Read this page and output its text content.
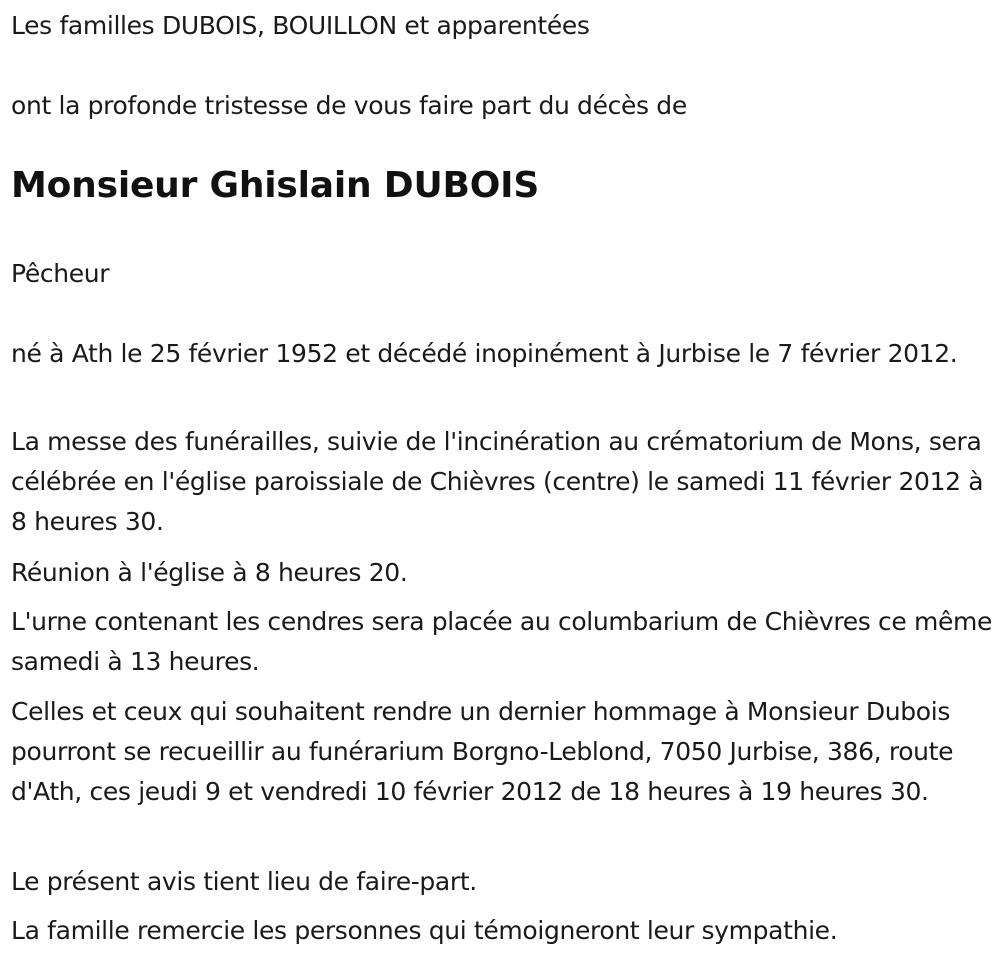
Les familles DUBOIS, BOUILLON et apparentées

ont la profonde tristesse de vous faire part du décès de

Monsieur Ghislain DUBOIS

Pêcheur

né à Ath le 25 février 1952 et décédé inopinément à Jurbise le 7 février 2012.

La messe des funérailles, suivie de l'incinération au crématorium de Mons, sera célébrée en l'église paroissiale de Chièvres (centre) le samedi 11 février 2012 à 8 heures 30.

Réunion à l'église à 8 heures 20.

L'urne contenant les cendres sera placée au columbarium de Chièvres ce même samedi à 13 heures.

Celles et ceux qui souhaitent rendre un dernier hommage à Monsieur Dubois pourront se recueillir au funérarium Borgno-Leblond, 7050 Jurbise, 386, route d'Ath, ces jeudi 9 et vendredi 10 février 2012 de 18 heures à 19 heures 30.

Le présent avis tient lieu de faire-part.

La famille remercie les personnes qui témoigneront leur sympathie.
